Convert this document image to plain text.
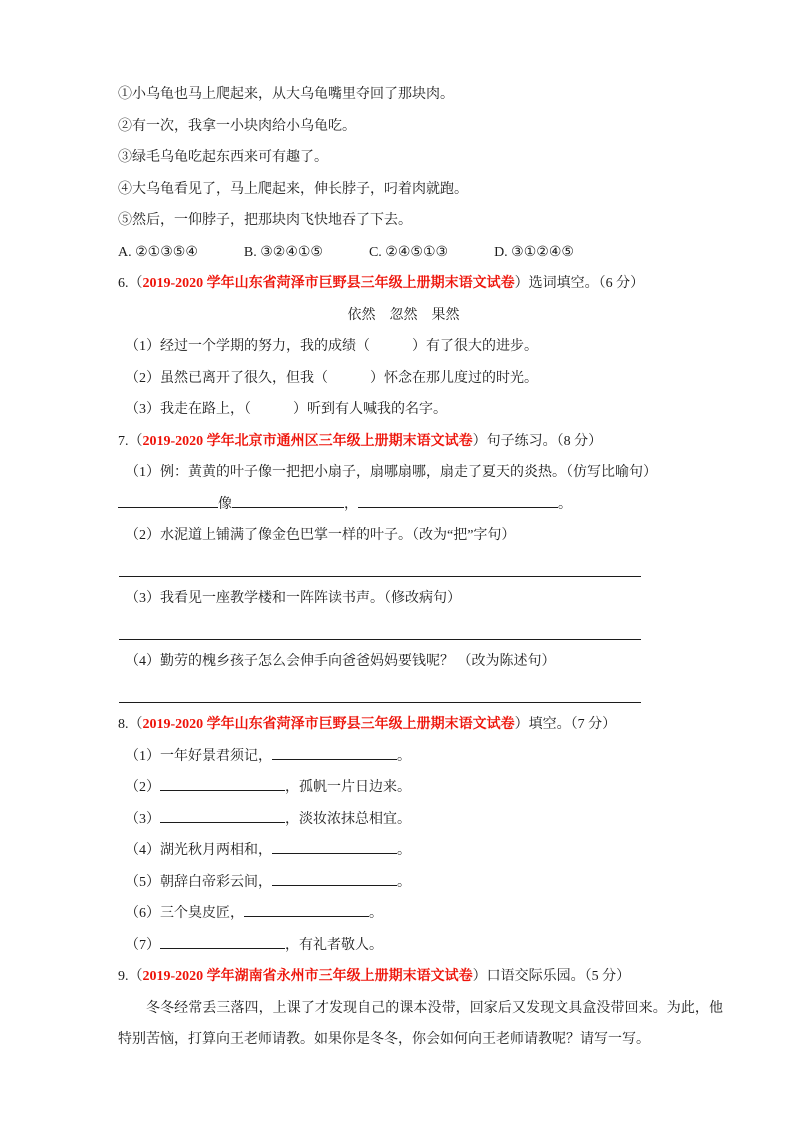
①小乌龟也马上爬起来，从大乌龟嘴里夺回了那块肉。

②有一次，我拿一小块肉给小乌龟吃。

③绿毛乌龟吃起东西来可有趣了。

④大乌龟看见了，马上爬起来，伸长脖子，叼着肉就跑。

⑤然后，一仰脖子，把那块肉飞快地吞了下去。

A. ②①③⑤④	B. ③②④①⑤	C. ②④⑤①③	D. ③①②④⑤

6.（2019-2020 学年山东省菏泽市巨野县三年级上册期末语文试卷）选词填空。（6 分）

依然 忽然 果然

（1）经过一个学期的努力，我的成绩（　　　）有了很大的进步。

（2）虽然已离开了很久，但我（　　　）怀念在那儿度过的时光。

（3）我走在路上，（　　　）听到有人喊我的名字。

7.（2019-2020 学年北京市通州区三年级上册期末语文试卷）句子练习。（8 分）

（1）例：黄黄的叶子像一把把小扇子，扇哪扇哪，扇走了夏天的炎热。（仿写比喻句）

像	，	。

（2）水泥道上铺满了像金色巴掌一样的叶子。（改为“把”字句）

（3）我看见一座教学楼和一阵阵读书声。（修改病句）

（4）勤劳的槐乡孩子怎么会伸手向爸爸妈妈要钱呢？ （改为陈述句）

8.（2019-2020 学年山东省菏泽市巨野县三年级上册期末语文试卷）填空。（7 分）

（1）一年好景君须记，	。

（2）	，孤帆一片日边来。

（3）	，淡妆浓抹总相宜。

（4）湖光秋月两相和，	。

（5）朝辞白帝彩云间，	。

（6）三个臭皮匠，	。

（7）	，有礼者敬人。

9.（2019-2020 学年湖南省永州市三年级上册期末语文试卷）口语交际乐园。（5 分）

冬冬经常丢三落四，上课了才发现自己的课本没带，回家后又发现文具盒没带回来。为此，他特别苦恼，打算向王老师请教。如果你是冬冬，你会如何向王老师请教呢？请写一写。
